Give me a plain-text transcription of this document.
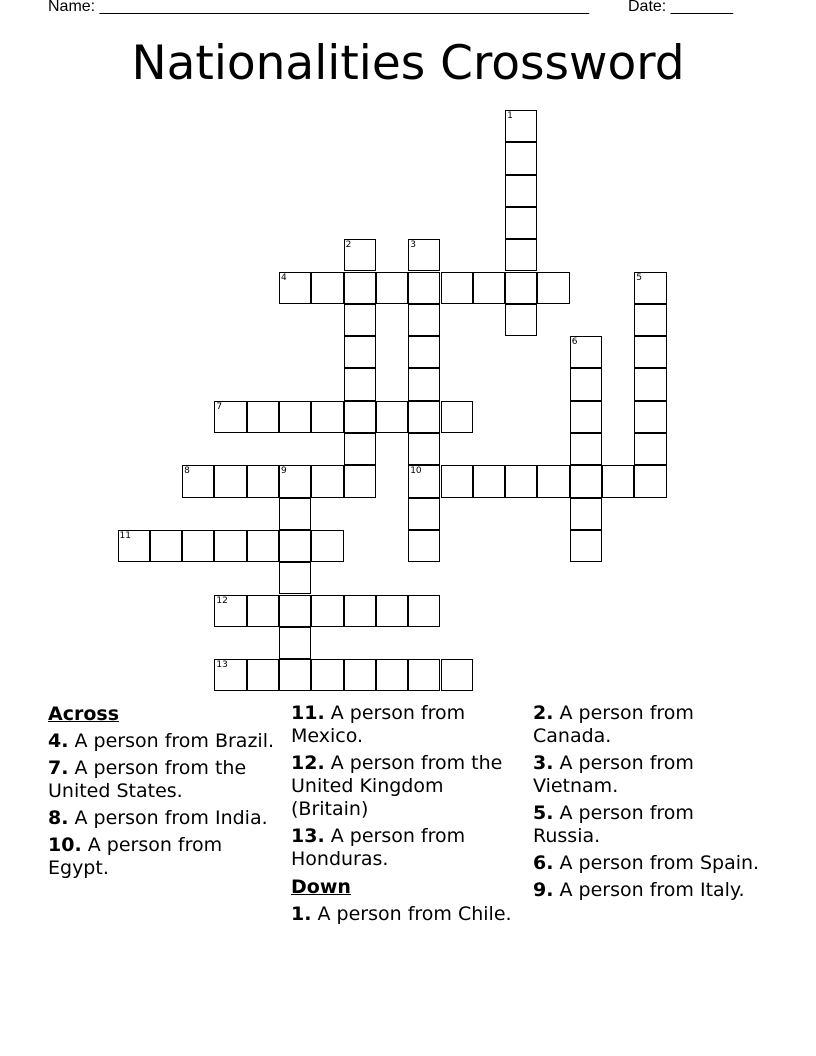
Name: _______________________________________________________ Date: _______
Nationalities Crossword
1
2	3
10
4	5
6
7
8	9
11
12
13
Across
4. A person from Brazil.
7. A person from the United States.
8. A person from India.
10. A person from Egypt.
11. A person from Mexico.
12. A person from the United Kingdom (Britain)
13. A person from Honduras.
Down
1. A person from Chile.
2. A person from Canada.
3. A person from Vietnam.
5. A person from Russia.
6. A person from Spain.
9. A person from Italy.
